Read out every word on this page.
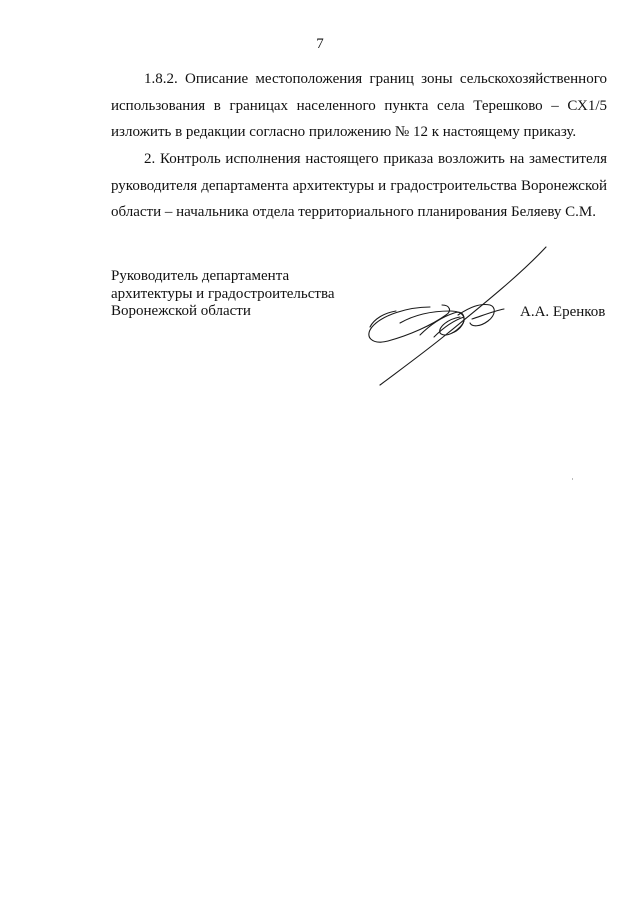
7
1.8.2. Описание местоположения границ зоны сельскохозяйственного
использования в границах населенного пункта села Терешково – СХ1/5
изложить в редакции согласно приложению № 12 к настоящему приказу.
2. Контроль исполнения настоящего приказа возложить на заместителя
руководителя департамента архитектуры и градостроительства Воронежской
области – начальника отдела территориального планирования Беляеву С.М.
Руководитель департамента
архитектуры и градостроительства
Воронежской области	А.А. Еренков
